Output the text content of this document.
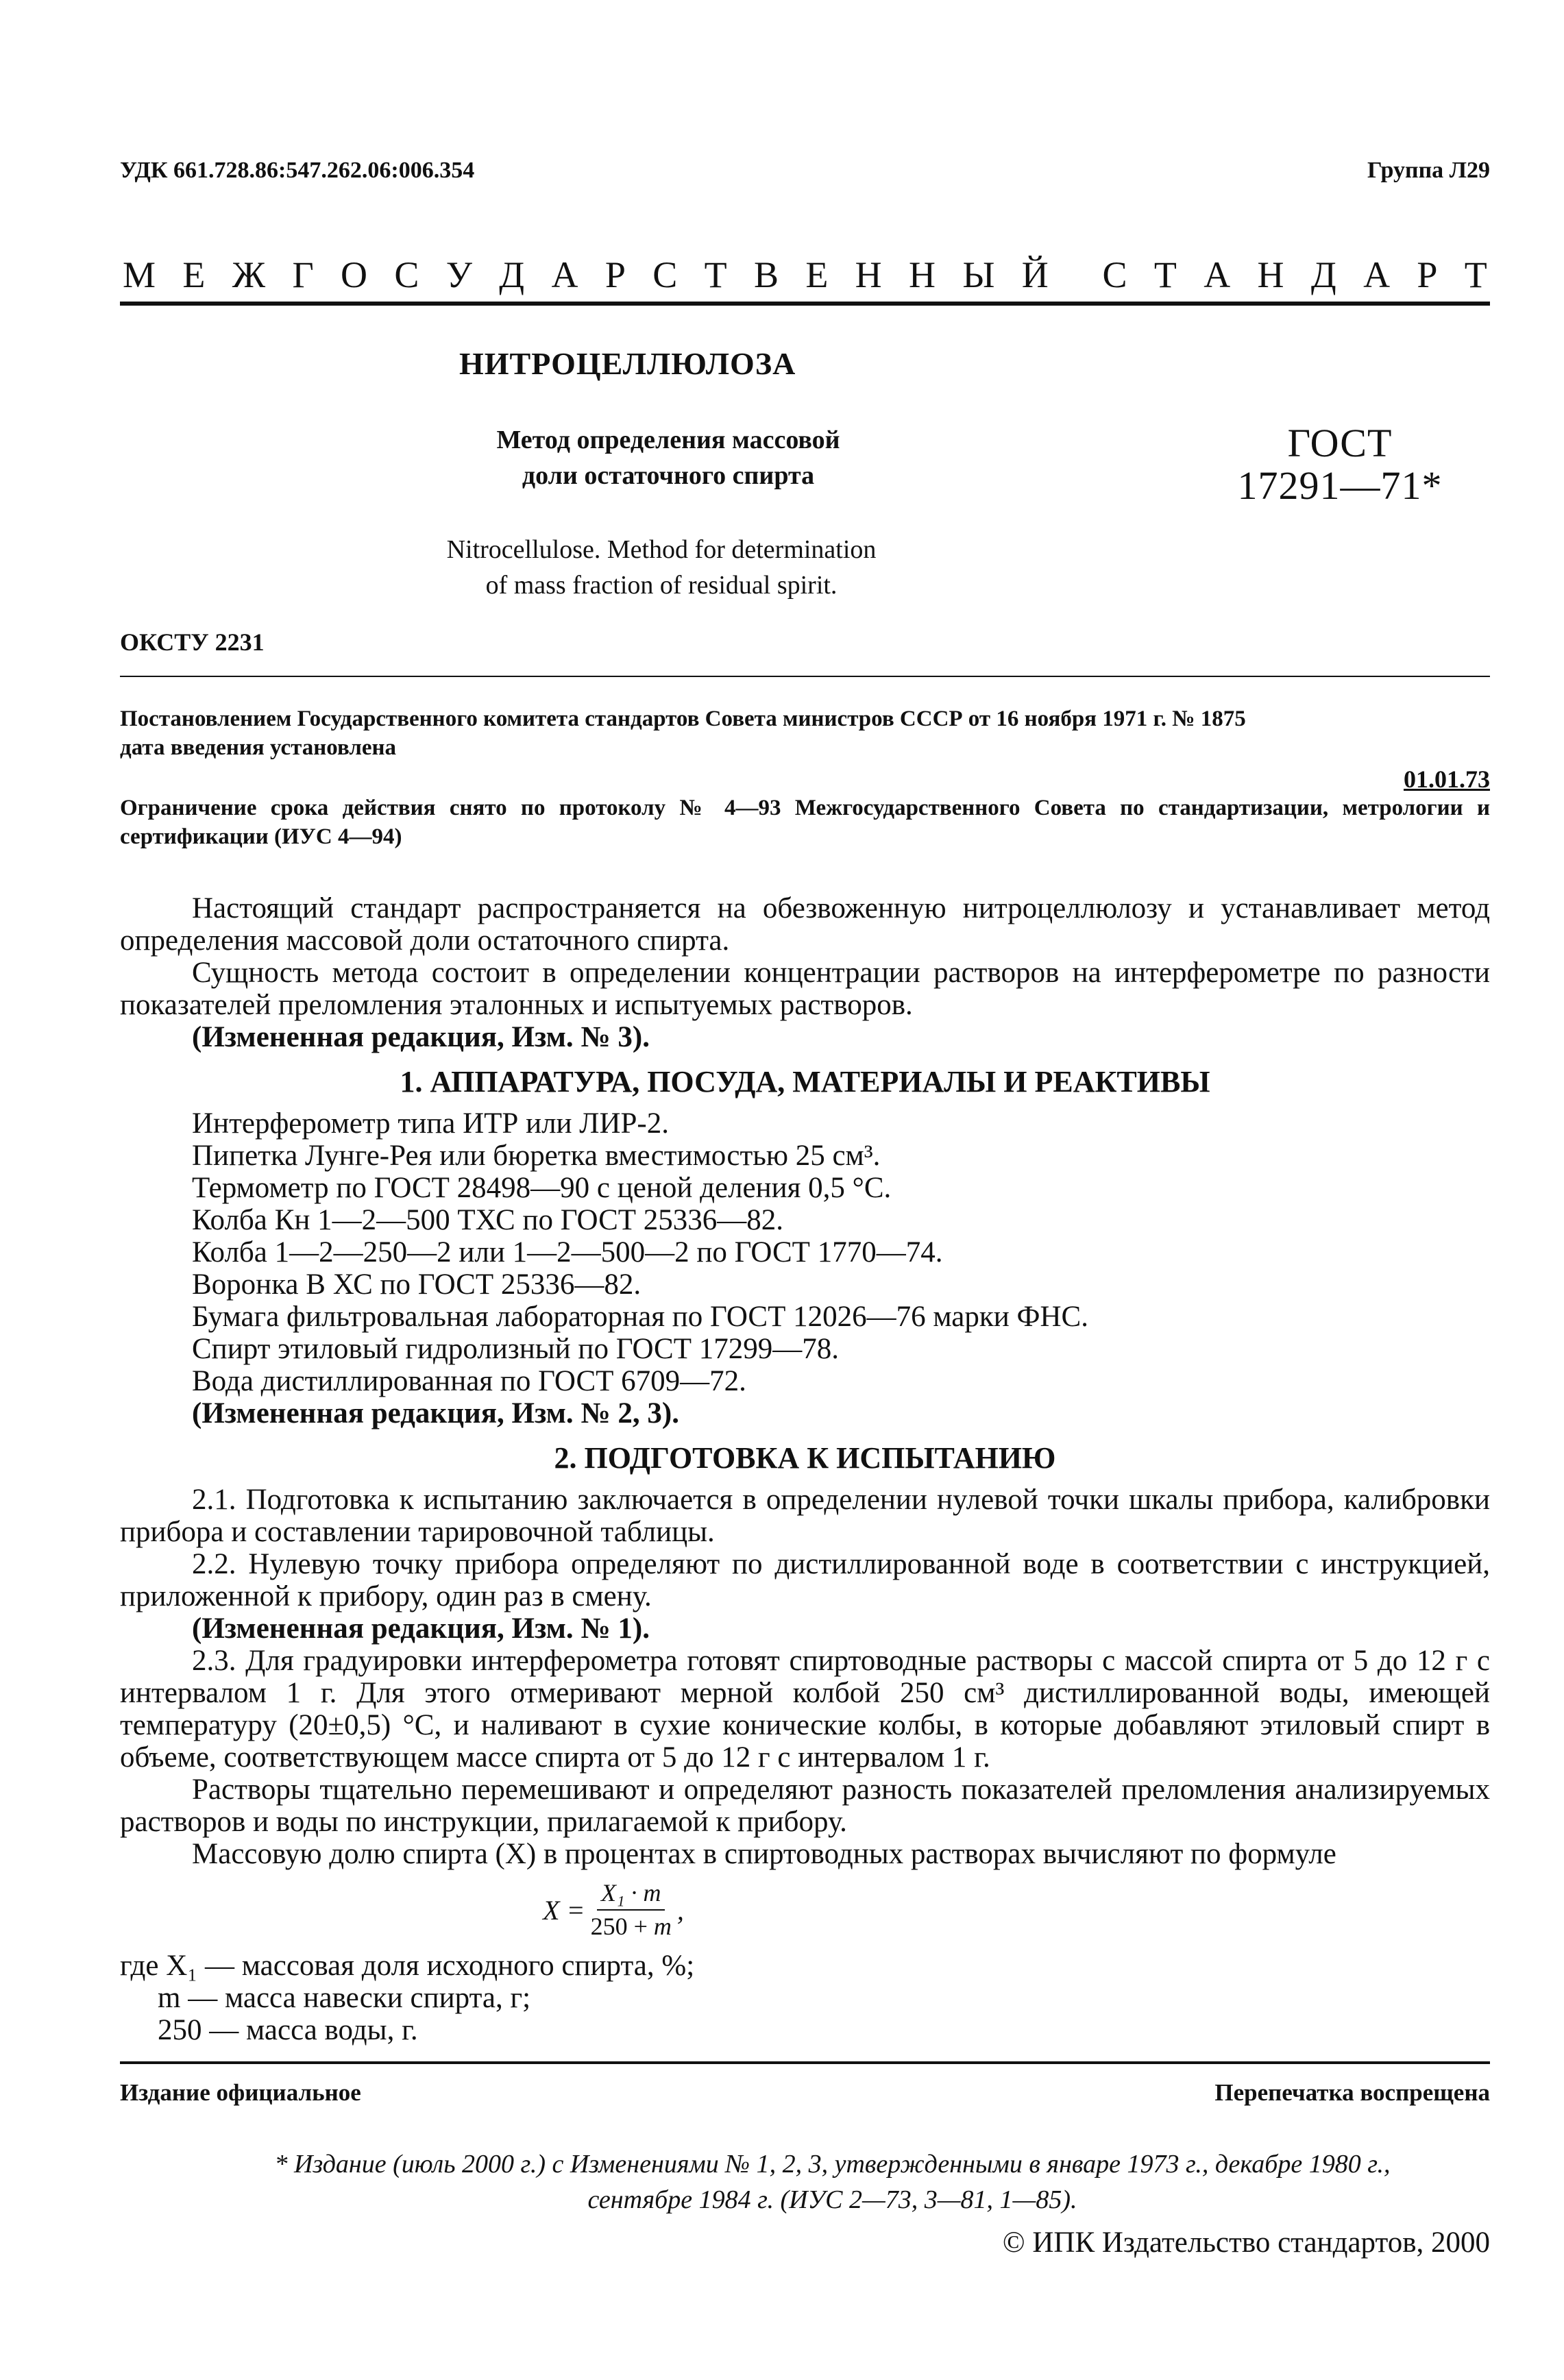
УДК 661.728.86:547.262.06:006.354	Группа Л29
М Е Ж Г О С У Д А Р С Т В Е Н Н Ы Й С Т А Н Д А Р Т
НИТРОЦЕЛЛЮЛОЗА
Метод определения массовой
доли остаточного спирта
ГОСТ
17291—71*
Nitrocellulose. Method for determination
of mass fraction of residual spirit.
ОКСТУ 2231
Постановлением Государственного комитета стандартов Совета министров СССР от 16 ноября 1971 г. № 1875
дата введения установлена
01.01.73
Ограничение срока действия снято по протоколу № 4—93 Межгосударственного Совета по стандартизации, метрологии и сертификации (ИУС 4—94)

Настоящий стандарт распространяется на обезвоженную нитроцеллюлозу и устанавливает метод определения массовой доли остаточного спирта.

Сущность метода состоит в определении концентрации растворов на интерферометре по разности показателей преломления эталонных и испытуемых растворов.

(Измененная редакция, Изм. № 3).

1. АППАРАТУРА, ПОСУДА, МАТЕРИАЛЫ И РЕАКТИВЫ

Интерферометр типа ИТР или ЛИР-2.

Пипетка Лунге-Рея или бюретка вместимостью 25 см³.

Термометр по ГОСТ 28498—90 с ценой деления 0,5 °С.

Колба Кн 1—2—500 ТХС по ГОСТ 25336—82.

Колба 1—2—250—2 или 1—2—500—2 по ГОСТ 1770—74.

Воронка В ХС по ГОСТ 25336—82.

Бумага фильтровальная лабораторная по ГОСТ 12026—76 марки ФНС.

Спирт этиловый гидролизный по ГОСТ 17299—78.

Вода дистиллированная по ГОСТ 6709—72.

(Измененная редакция, Изм. № 2, 3).

2. ПОДГОТОВКА К ИСПЫТАНИЮ

2.1. Подготовка к испытанию заключается в определении нулевой точки шкалы прибора, калибровки прибора и составлении тарировочной таблицы.

2.2. Нулевую точку прибора определяют по дистиллированной воде в соответствии с инструкцией, приложенной к прибору, один раз в смену.

(Измененная редакция, Изм. № 1).

2.3. Для градуировки интерферометра готовят спиртоводные растворы с массой спирта от 5 до 12 г с интервалом 1 г. Для этого отмеривают мерной колбой 250 см³ дистиллированной воды, имеющей температуру (20±0,5) °С, и наливают в сухие конические колбы, в которые добавляют этиловый спирт в объеме, соответствующем массе спирта от 5 до 12 г с интервалом 1 г.

Растворы тщательно перемешивают и определяют разность показателей преломления анализируемых растворов и воды по инструкции, прилагаемой к прибору.

Массовую долю спирта (X) в процентах в спиртоводных растворах вычисляют по формуле

$X = \frac{\text{X₁ · m}}{250 + m}$ ,

где X₁ — массовая доля исходного спирта, %;

m — масса навески спирта, г;

250 — масса воды, г.

Издание официальное	Перепечатка воспрещена
* Издание (июль 2000 г.) с Изменениями № 1, 2, 3, утвержденными в январе 1973 г., декабре 1980 г.,
сентябре 1984 г. (ИУС 2—73, 3—81, 1—85).
© ИПК Издательство стандартов, 2000
